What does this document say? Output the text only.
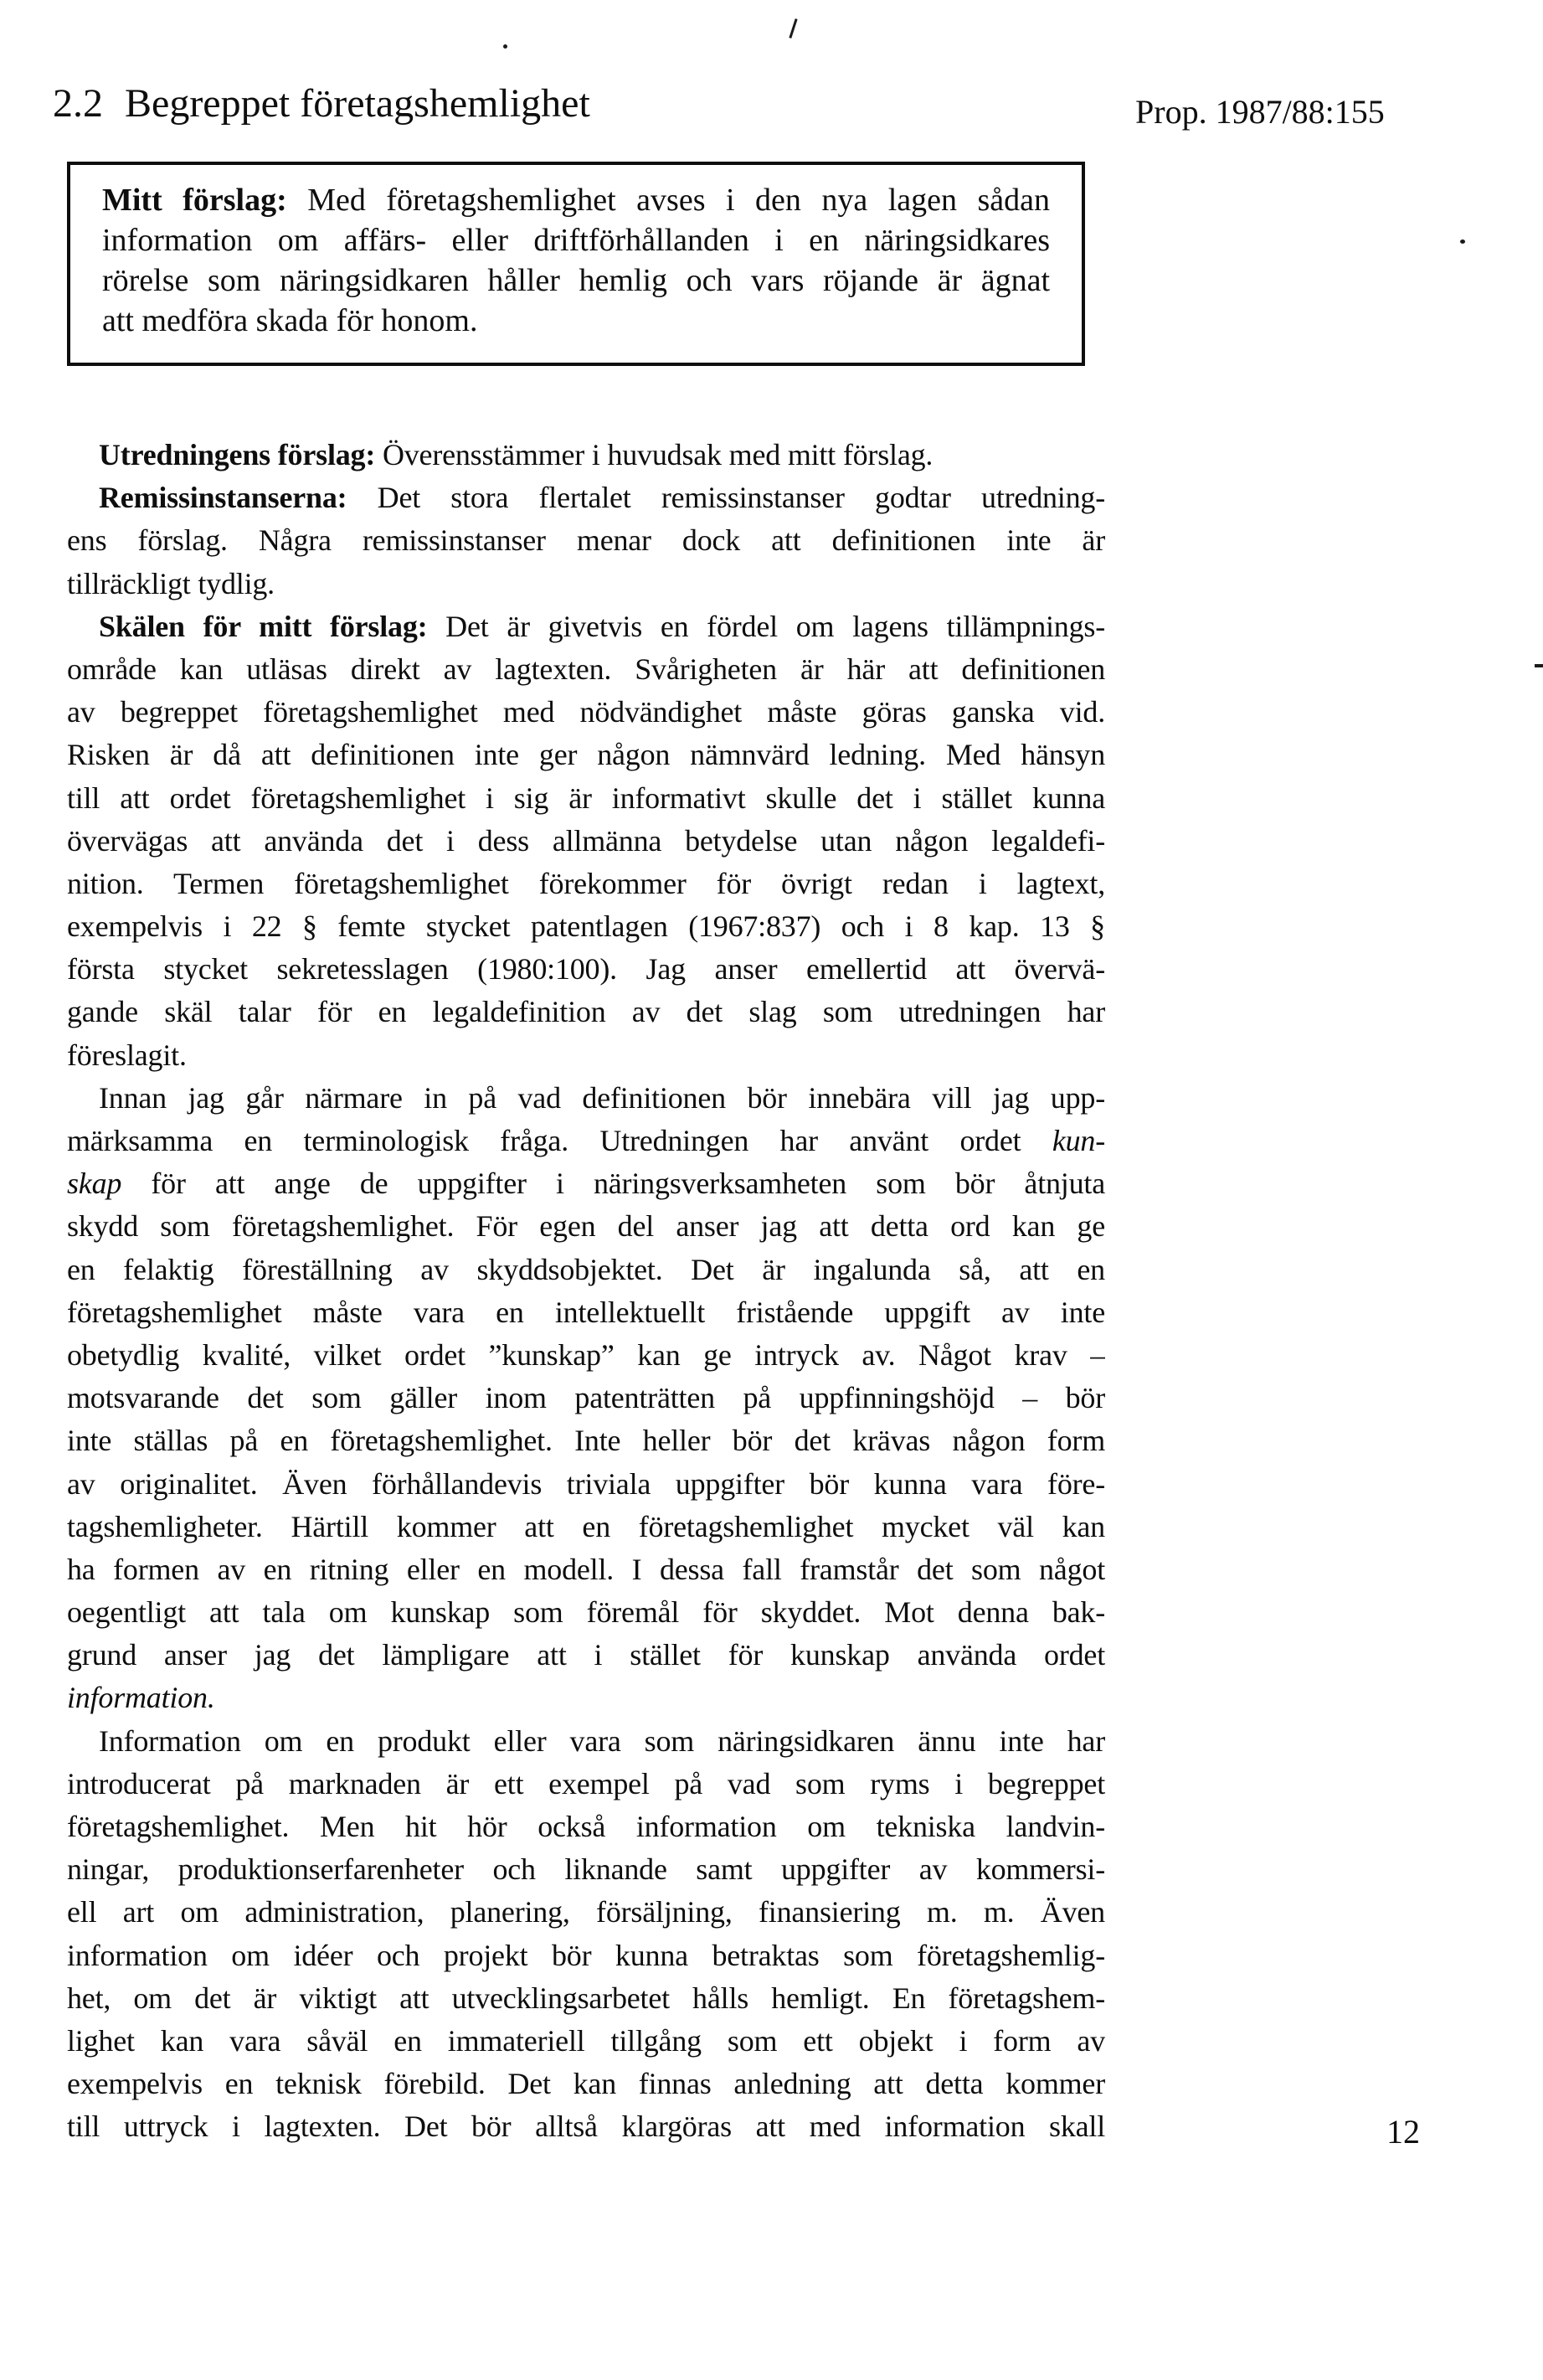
2.2 Begreppet företagshemlighet	Prop. 1987/88:155
Mitt förslag: Med företagshemlighet avses i den nya lagen sådan
information om affärs- eller driftförhållanden i en näringsidkares
rörelse som näringsidkaren håller hemlig och vars röjande är ägnat
att medföra skada för honom.
Utredningens förslag: Överensstämmer i huvudsak med mitt förslag.
Remissinstanserna: Det stora flertalet remissinstanser godtar utredning-
ens förslag. Några remissinstanser menar dock att definitionen inte är
tillräckligt tydlig.
Skälen för mitt förslag: Det är givetvis en fördel om lagens tillämpnings-
område kan utläsas direkt av lagtexten. Svårigheten är här att definitionen
av begreppet företagshemlighet med nödvändighet måste göras ganska vid.
Risken är då att definitionen inte ger någon nämnvärd ledning. Med hänsyn
till att ordet företagshemlighet i sig är informativt skulle det i stället kunna
övervägas att använda det i dess allmänna betydelse utan någon legaldefi-
nition. Termen företagshemlighet förekommer för övrigt redan i lagtext,
exempelvis i 22 § femte stycket patentlagen (1967:837) och i 8 kap. 13 §
första stycket sekretesslagen (1980:100). Jag anser emellertid att övervä-
gande skäl talar för en legaldefinition av det slag som utredningen har
föreslagit.
Innan jag går närmare in på vad definitionen bör innebära vill jag upp-
märksamma en terminologisk fråga. Utredningen har använt ordet kun-
skap för att ange de uppgifter i näringsverksamheten som bör åtnjuta
skydd som företagshemlighet. För egen del anser jag att detta ord kan ge
en felaktig föreställning av skyddsobjektet. Det är ingalunda så, att en
företagshemlighet måste vara en intellektuellt fristående uppgift av inte
obetydlig kvalité, vilket ordet ”kunskap” kan ge intryck av. Något krav –
motsvarande det som gäller inom patenträtten på uppfinningshöjd – bör
inte ställas på en företagshemlighet. Inte heller bör det krävas någon form
av originalitet. Även förhållandevis triviala uppgifter bör kunna vara före-
tagshemligheter. Härtill kommer att en företagshemlighet mycket väl kan
ha formen av en ritning eller en modell. I dessa fall framstår det som något
oegentligt att tala om kunskap som föremål för skyddet. Mot denna bak-
grund anser jag det lämpligare att i stället för kunskap använda ordet
information.
Information om en produkt eller vara som näringsidkaren ännu inte har
introducerat på marknaden är ett exempel på vad som ryms i begreppet
företagshemlighet. Men hit hör också information om tekniska landvin-
ningar, produktionserfarenheter och liknande samt uppgifter av kommersi-
ell art om administration, planering, försäljning, finansiering m. m. Även
information om idéer och projekt bör kunna betraktas som företagshemlig-
het, om det är viktigt att utvecklingsarbetet hålls hemligt. En företagshem-
lighet kan vara såväl en immateriell tillgång som ett objekt i form av
exempelvis en teknisk förebild. Det kan finnas anledning att detta kommer
till uttryck i lagtexten. Det bör alltså klargöras att med information skall	12
